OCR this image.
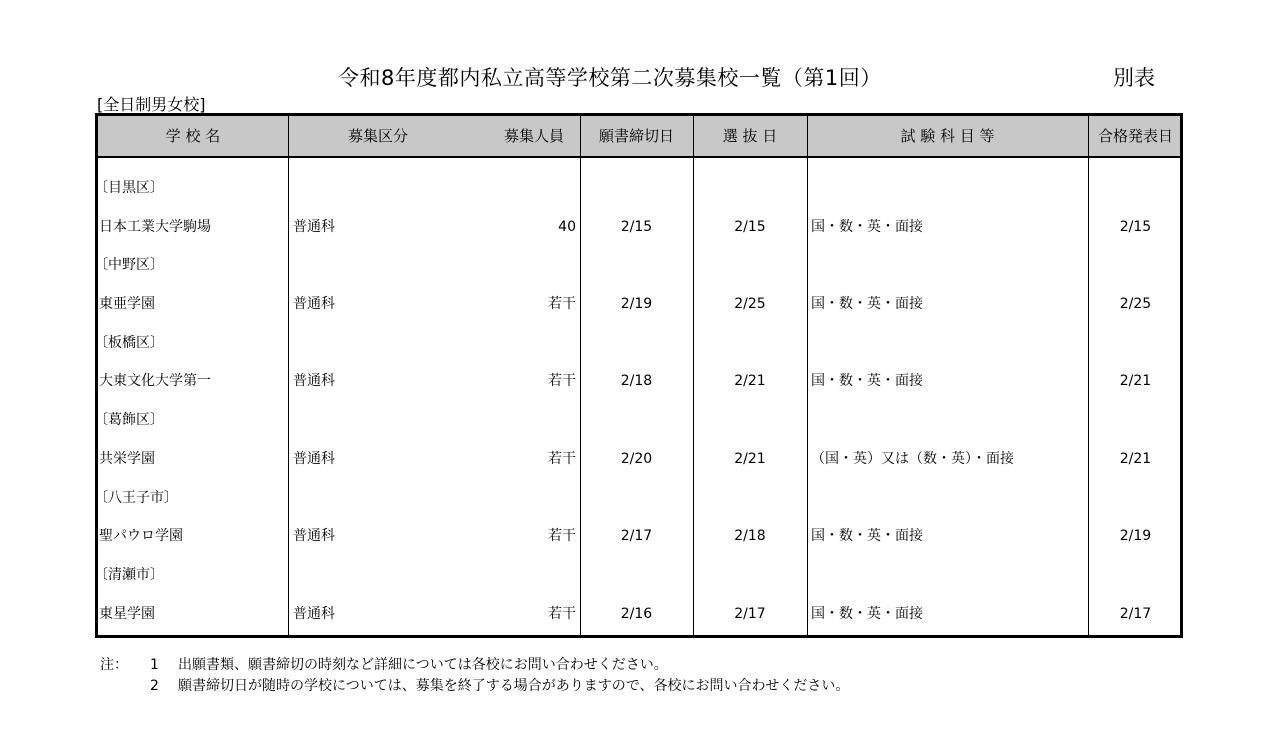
令和8年度都内私立高等学校第二次募集校一覧（第1回）	別表
[全日制男女校]
学 校 名	募集区分	募集人員	願書締切日	選 抜 日	試 験 科 目 等	合格発表日
〔目黒区〕
日本工業大学駒場	普通科	40	2/15	2/15	国・数・英・面接	2/15
〔中野区〕
東亜学園	普通科	若干	2/19	2/25	国・数・英・面接	2/25
〔板橋区〕
大東文化大学第一	普通科	若干	2/18	2/21	国・数・英・面接	2/21
〔葛飾区〕
共栄学園	普通科	若干	2/20	2/21	（国・英）又は（数・英）・面接	2/21
〔八王子市〕
聖パウロ学園	普通科	若干	2/17	2/18	国・数・英・面接	2/19
〔清瀬市〕
東星学園	普通科	若干	2/16	2/17	国・数・英・面接	2/17
注：	1	出願書類、願書締切の時刻など詳細については各校にお問い合わせください。
2	願書締切日が随時の学校については、募集を終了する場合がありますので、各校にお問い合わせください。
